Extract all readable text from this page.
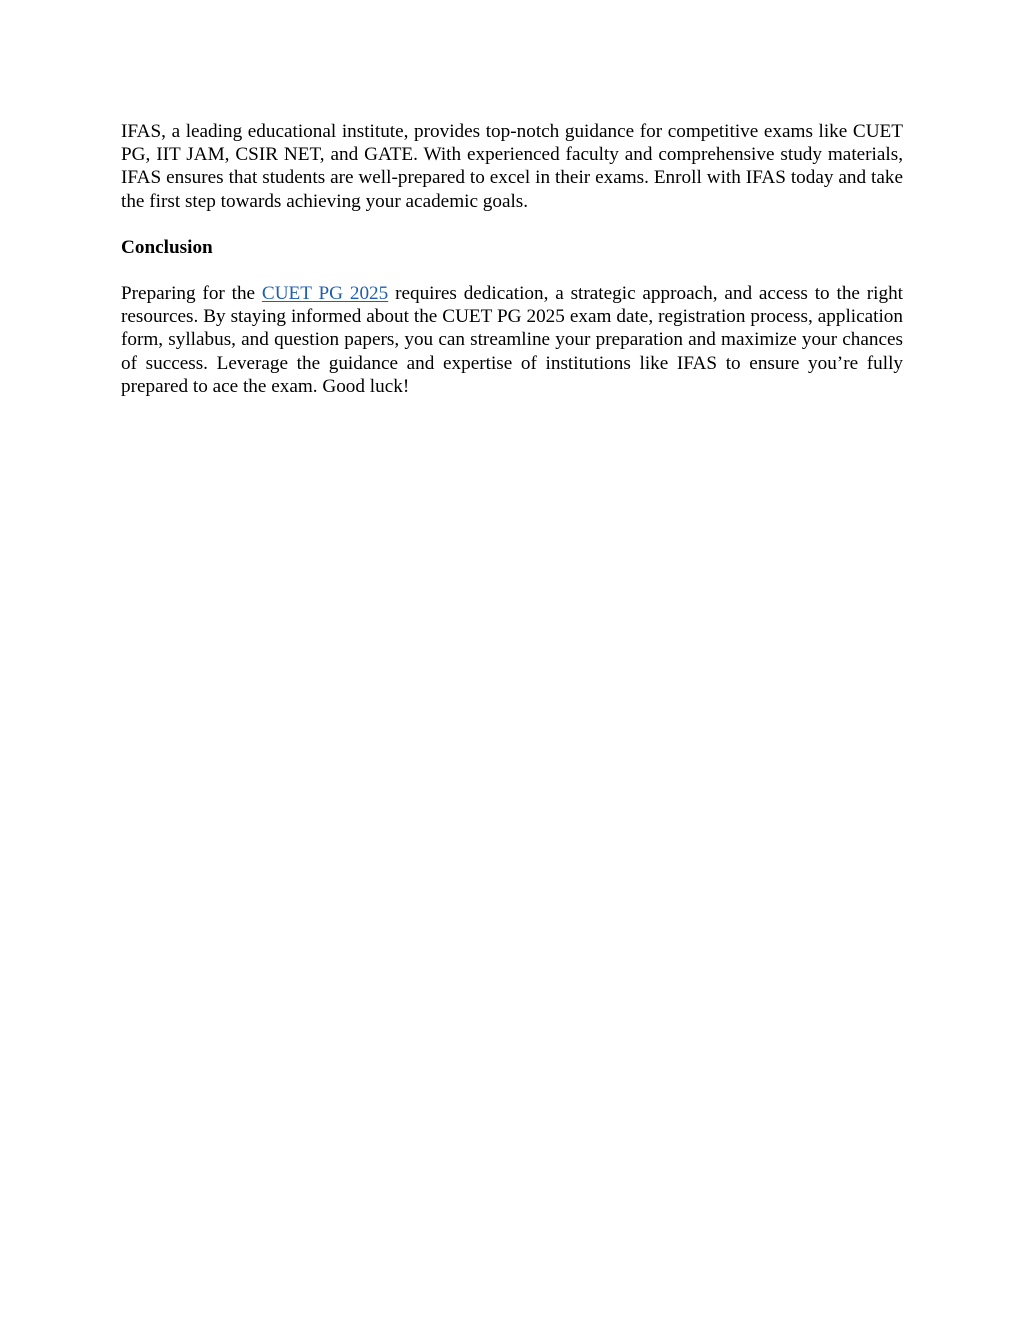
IFAS, a leading educational institute, provides top-notch guidance for competitive exams like CUET PG, IIT JAM, CSIR NET, and GATE. With experienced faculty and comprehensive study materials, IFAS ensures that students are well-prepared to excel in their exams. Enroll with IFAS today and take the first step towards achieving your academic goals.

Conclusion

Preparing for the CUET PG 2025 requires dedication, a strategic approach, and access to the right resources. By staying informed about the CUET PG 2025 exam date, registration process, application form, syllabus, and question papers, you can streamline your preparation and maximize your chances of success. Leverage the guidance and expertise of institutions like IFAS to ensure you’re fully prepared to ace the exam. Good luck!
